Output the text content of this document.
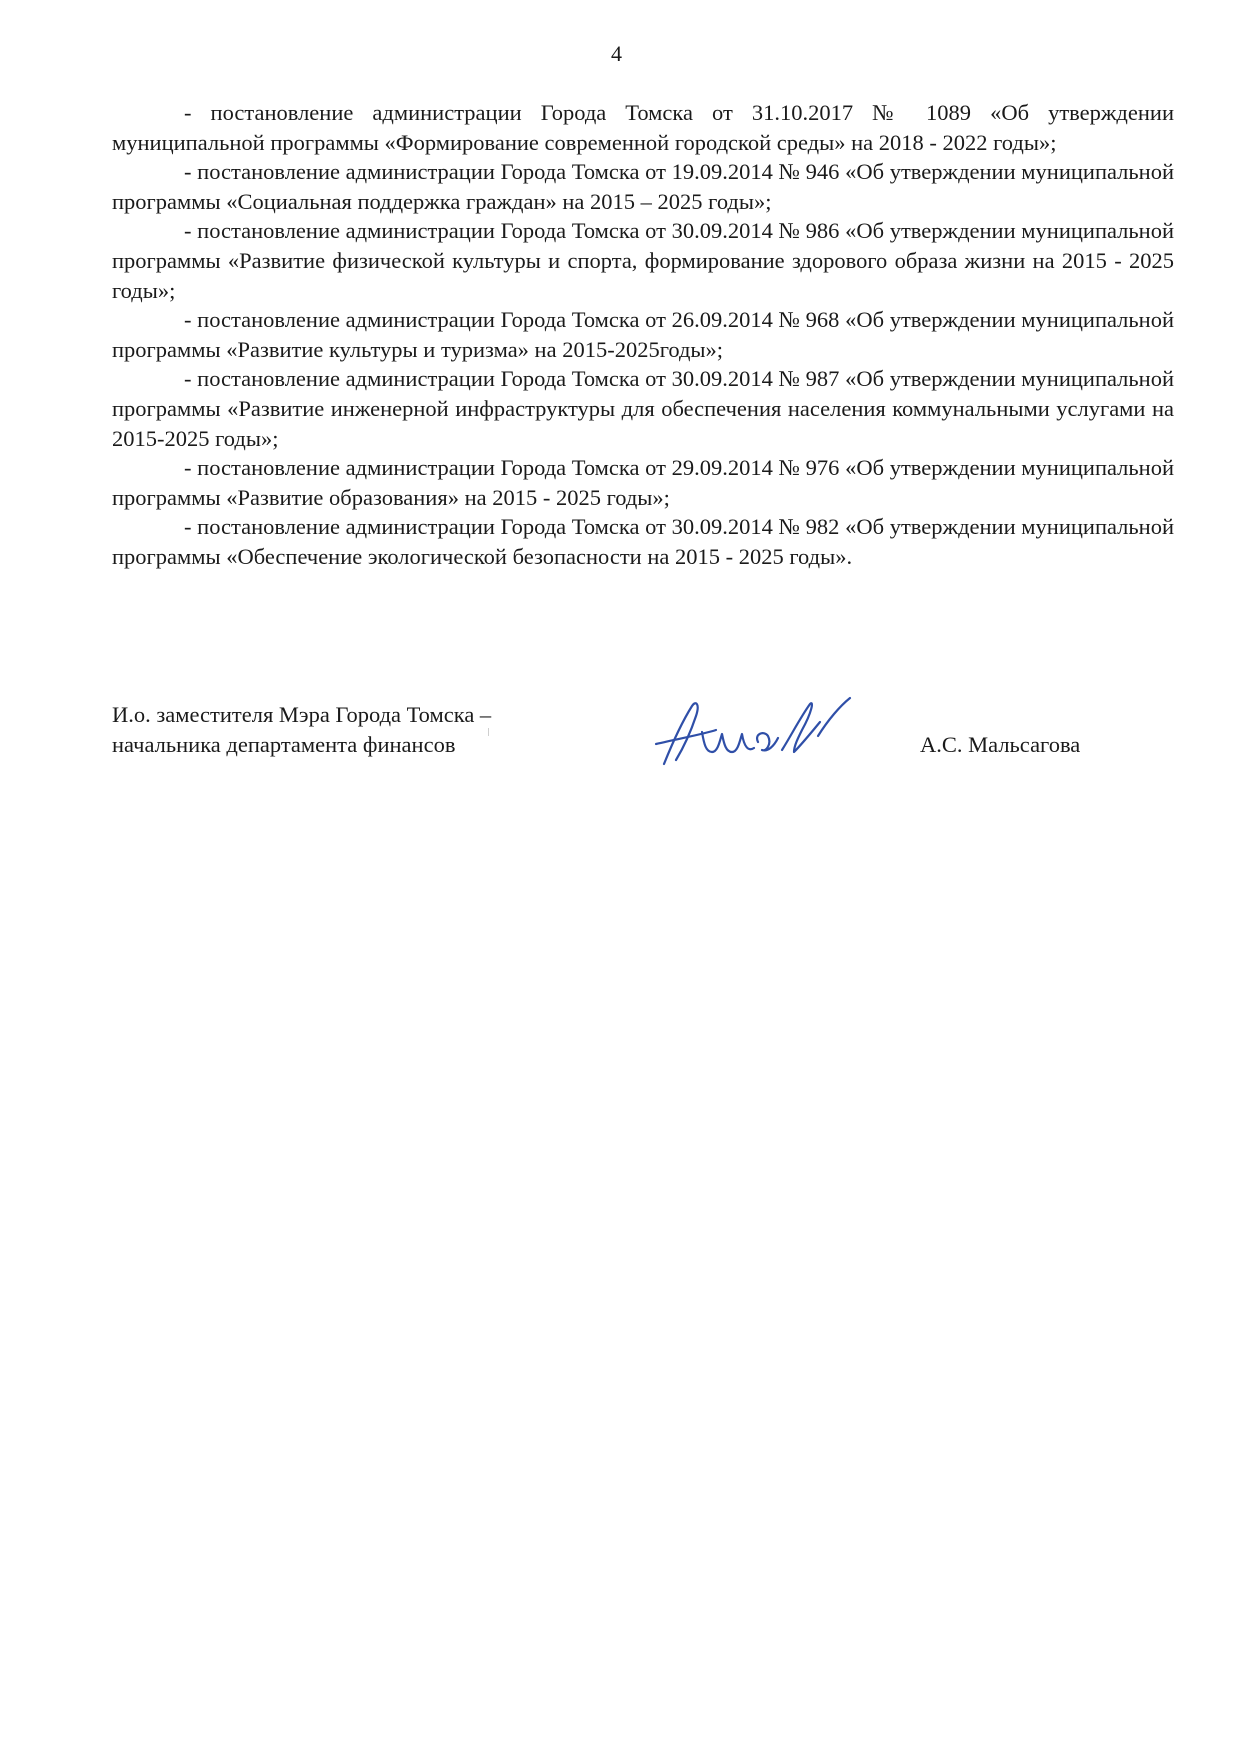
4

- постановление администрации Города Томска от 31.10.2017 № 1089 «Об утверждении муниципальной программы «Формирование современной городской среды» на 2018 - 2022 годы»;

- постановление администрации Города Томска от 19.09.2014 № 946 «Об утверждении муниципальной программы «Социальная поддержка граждан» на 2015 – 2025 годы»;

- постановление администрации Города Томска от 30.09.2014 № 986 «Об утверждении муниципальной программы «Развитие физической культуры и спорта, формирование здорового образа жизни на 2015 - 2025 годы»;

- постановление администрации Города Томска от 26.09.2014 № 968 «Об утверждении муниципальной программы «Развитие культуры и туризма» на 2015-2025годы»;

- постановление администрации Города Томска от 30.09.2014 № 987 «Об утверждении муниципальной программы «Развитие инженерной инфраструктуры для обеспечения населения коммунальными услугами на 2015-2025 годы»;

- постановление администрации Города Томска от 29.09.2014 № 976 «Об утверждении муниципальной программы «Развитие образования» на 2015 - 2025 годы»;

- постановление администрации Города Томска от 30.09.2014 № 982 «Об утверждении муниципальной программы «Обеспечение экологической безопасности на 2015 - 2025 годы».

И.о. заместителя Мэра Города Томска –
начальника департамента финансов	А.С. Мальсагова
